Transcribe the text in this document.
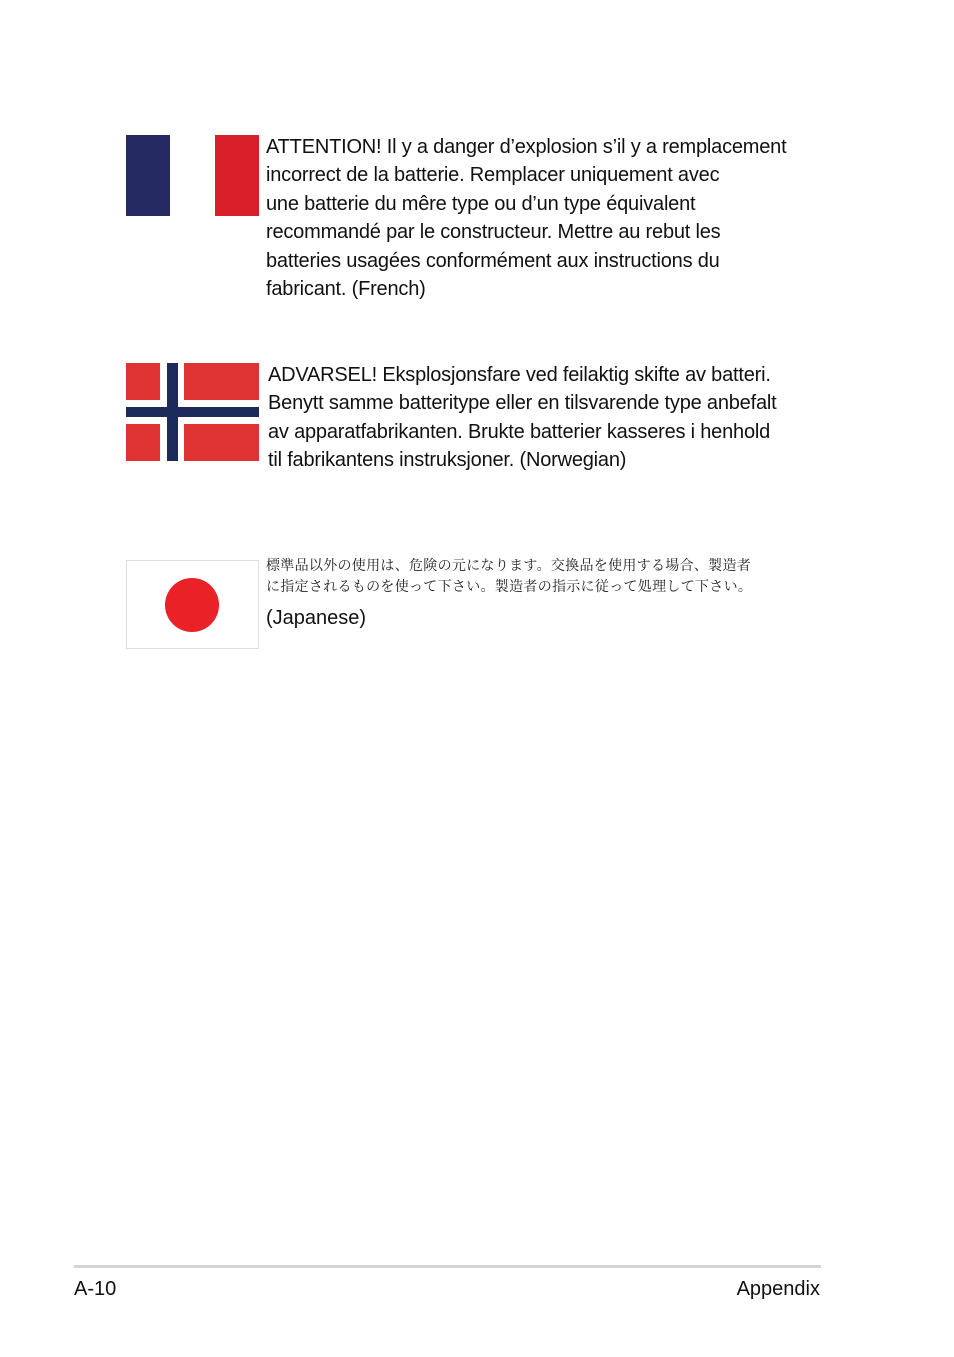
ATTENTION! Il y a danger d’explosion s’il y a remplacement
incorrect de la batterie. Remplacer uniquement avec
une batterie du mêre type ou d’un type équivalent
recommandé par le constructeur. Mettre au rebut les
batteries usagées conformément aux instructions du
fabricant. (French)
ADVARSEL! Eksplosjonsfare ved feilaktig skifte av batteri.
Benytt samme batteritype eller en tilsvarende type anbefalt
av apparatfabrikanten. Brukte batterier kasseres i henhold
til fabrikantens instruksjoner. (Norwegian)
標準品以外の使用は、危険の元になります。交換品を使用する場合、製造者
に指定されるものを使って下さい。製造者の指示に従って処理して下さい。
(Japanese)
A-10	Appendix
